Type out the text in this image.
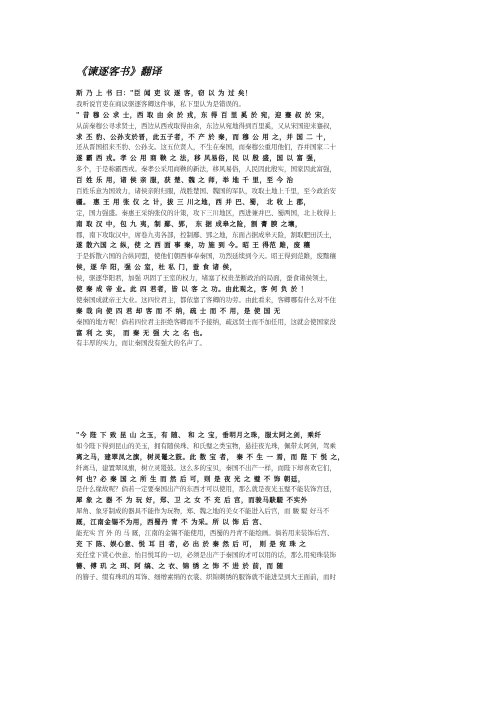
《谏逐客书》翻译
斯 乃 上 书 曰："臣 闻 吏 议 逐 客，窃 以 为 过 矣！
我听说官吏在商议驱逐客卿这件事，私下里认为是错误的。
" 昔 穆 公 求 士，西 取 由 余 於 戎，东 得 百 里 奚 於 宛，迎 蹇 叔 於 宋，
从前秦穆公寻求贤士，西边从西戎取得由余，东边从宛地得到百里奚，又从宋国迎来蹇叔，
求 丕 豹、公孙支於晋，此五子者，不 产 於 秦，而 穆 公 用 之，并 国 二 十，
还从晋国招来丕豹、公孙支。这五位贤人，不生在秦国，而秦穆公重用他们，吞并国家二十
遂 霸 西 戎。孝 公 用 商 鞅 之 法，移 风易俗，民 以 殷 盛，国 以 富 强，
多个，于是称霸西戎。秦孝公采用商鞅的新法，移风易俗，人民因此殷实，国家因此富强，
百 姓 乐 用，诸 侯 亲 服，获 楚、魏 之 师，举 地 千 里，至 今 治
百姓乐意为国效力，诸侯亲附归服，战胜楚国、魏国的军队，攻取土地上千里，至今政治安
疆。 惠 王 用 张 仪 之 计，拔 三 川之地，西 并 巴、蜀， 北 收 上 郡，
定，国力强盛。秦惠王采纳张仪的计策，攻下三川地区，西进兼并巴、蜀两国，北上收得上
南 取 汉 中，包 九 夷，制 鄢、郢， 东 据 成皋之险，割 膏 腴 之壤，
郡，南下攻取汉中，席卷九夷各部，控制鄢、郢之地，东面占据成皋天险，割取肥田沃土，
遂 散六国 之 纵，使 之 西 面 事 秦，功 施 到 今。昭 王 得范 雎，废 穰
于是拆散六国的合纵同盟，使他们朝西事奉秦国，功烈延续到今天。昭王得到范雎，废黜穰
侯，逐 华 阳，强 公 室，杜 私 门，蚕 食 诸 侯，
侯，驱逐华阳君，加强 巩固了王室的权力，堵塞了权贵垄断政治的局面，蚕食诸侯领土，
使 秦 成 帝 业。此 四 君者，皆 以 客 之 功。由此观之，客 何 负 於 ！
使秦国成就帝王大业。这四位君主，都依靠了客卿的功劳。由此看来，客卿哪有什么对不住
秦 哉 向 使 四 君 却 客 而 不 纳，疏 士 而 不 用，是 使 国 无
秦国的地方呢！倘若四位君主拒绝客卿而不予接纳，疏远贤士而不加任用，这就会使国家没
富 利 之 实， 而 秦 无 强 大 之 名 也。
有丰厚的实力，而让秦国没有强大的名声了。
"今 陛 下 致 昆 山 之玉，有 随、 和 之 宝，垂明月之珠，服太阿之剑，乘纤
如今陛下得到昆山的美玉，拥有随侯珠、和氏璧之类宝物，悬挂夜光珠，佩带太阿剑，驾乘
离之马，建翠凤之旗，树灵鼍之鼓。此 数 宝 者， 秦 不 生 一 焉，而 陛 下 悦 之，
纤离马，建置翠凤旗，树立灵鼍鼓。这么多的宝贝，秦国不出产一样，而陛下却喜欢它们，
何 也？必 秦 国 之 所 生 而 然 后 可，则 是 夜 光 之 璧 不 饰 朝廷，
是什么缘故呢？倘若一定要秦国出产的东西才可以使用，那么就是夜光玉璧不能装饰宫廷，
犀 象 之 器 不 为 玩 好，郑、卫 之 女 不 充 后 宫，而骏马駃騠 不实外
犀角、象牙制成的器具不能作为玩物，郑、魏之地的美女不能进入后宫，而 駿 騠 好马不
厩，江南金锡不为用，西蜀丹 青 不 为采。所 以 饰 后 宫、
能充实 宫 外 的 马 厩，江南的金锡不能使用，西蜀的丹青不能绘画。倘若用来装饰后宫、
充 下 陈、娱心意、悦 耳 目 者，必 出 於 秦 然 后 可， 则 是 宛 珠 之
充任堂下赏心快意、怡目悦耳的一切，必须是出产于秦国的才可以用的话，那么用宛珠装饰
簪、傅 玑 之 珥、阿 缟、之 衣、锦 绣 之 饰 不 进 於 前，而 随
的簪子、缀有珠玑的耳饰、细缯素绢的衣裳、织锦刺绣的服饰就不能进呈到大王面前，而时
